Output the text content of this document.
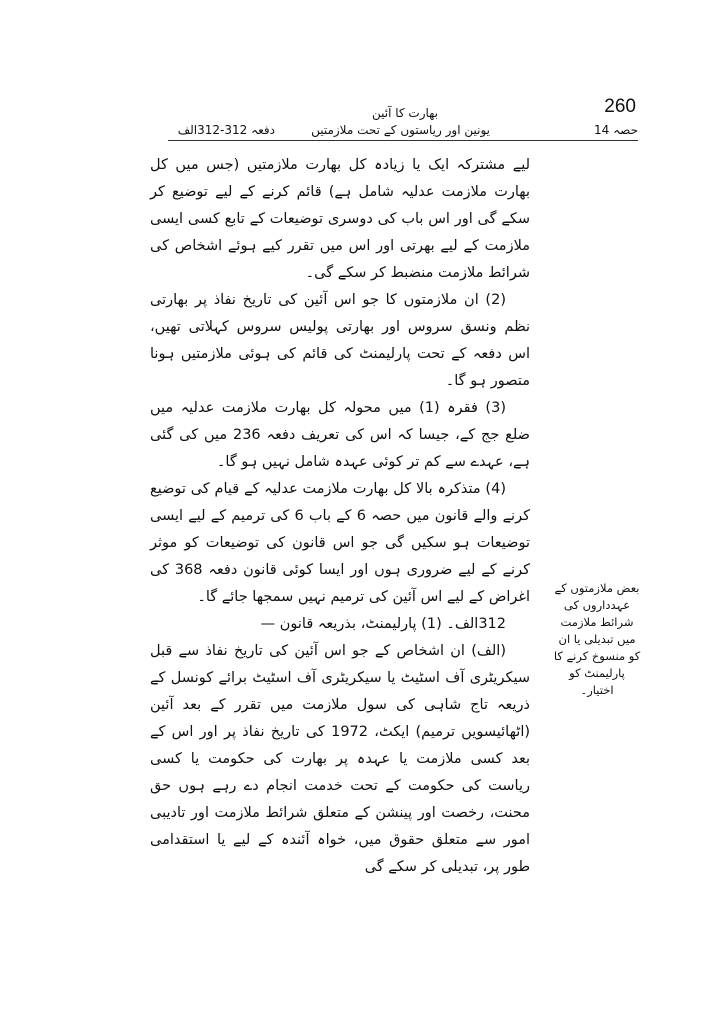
260
بھارت کا آئین
یونین اور ریاستوں کے تحت ملازمتیں	حصہ 14
دفعہ 312-312الف

لیے مشترکہ ایک یا زیادہ کل بھارت ملازمتیں (جس میں کل بھارت ملازمت عدلیہ شامل ہے) قائم کرنے کے لیے توضیع کر سکے گی اور اس باب کی دوسری توضیعات کے تابع کسی ایسی ملازمت کے لیے بھرتی اور اس میں تقرر کیے ہوئے اشخاص کی شرائط ملازمت منضبط کر سکے گی۔

(2) ان ملازمتوں کا جو اس آئین کی تاریخ نفاذ پر بھارتی نظم ونسق سروس اور بھارتی پولیس سروس کہلاتی تھیں، اس دفعہ کے تحت پارلیمنٹ کی قائم کی ہوئی ملازمتیں ہونا متصور ہو گا۔

(3) فقرہ (1) میں محولہ کل بھارت ملازمت عدلیہ میں ضلع جج کے، جیسا کہ اس کی تعریف دفعہ 236 میں کی گئی ہے، عہدے سے کم تر کوئی عہدہ شامل نہیں ہو گا۔

(4) متذکرہ بالا کل بھارت ملازمت عدلیہ کے قیام کی توضیع کرنے والے قانون میں حصہ 6 کے باب 6 کی ترمیم کے لیے ایسی توضیعات ہو سکیں گی جو اس قانون کی توضیعات کو موثر کرنے کے لیے ضروری ہوں اور ایسا کوئی قانون دفعہ 368 کی اغراض کے لیے اس آئین کی ترمیم نہیں سمجھا جائے گا۔

312الف۔ (1) پارلیمنٹ، بذریعہ قانون —

(الف) ان اشخاص کے جو اس آئین کی تاریخ نفاذ سے قبل سیکریٹری آف اسٹیٹ یا سیکریٹری آف اسٹیٹ برائے کونسل کے ذریعہ تاج شاہی کی سول ملازمت میں تقرر کے بعد آئین (اٹھائیسویں ترمیم) ایکٹ، 1972 کی تاریخ نفاذ پر اور اس کے بعد کسی ملازمت یا عہدہ پر بھارت کی حکومت یا کسی ریاست کی حکومت کے تحت خدمت انجام دے رہے ہوں حق محنت، رخصت اور پینشن کے متعلق شرائط ملازمت اور تادیبی امور سے متعلق حقوق میں، خواہ آئندہ کے لیے یا استقدامی طور پر، تبدیلی کر سکے گی

بعض ملازمتوں کے عہدداروں کی شرائط ملازمت میں تبدیلی یا ان کو منسوخ کرنے کا پارلیمنٹ کو اختیار۔
